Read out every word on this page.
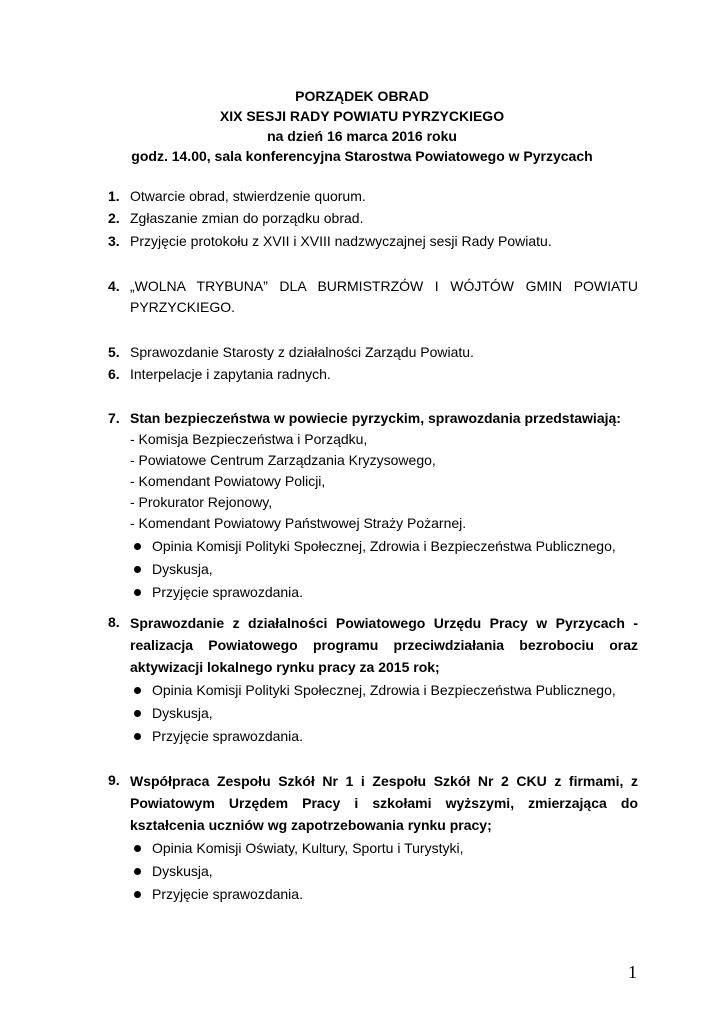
PORZĄDEK OBRAD
XIX SESJI RADY POWIATU PYRZYCKIEGO
na dzień 16 marca 2016 roku
godz. 14.00, sala konferencyjna Starostwa Powiatowego w Pyrzycach
1. Otwarcie obrad, stwierdzenie quorum.
2. Zgłaszanie zmian do porządku obrad.
3. Przyjęcie protokołu z XVII i XVIII nadzwyczajnej sesji Rady Powiatu.
4. „WOLNA TRYBUNA” DLA BURMISTRZÓW I WÓJTÓW GMIN POWIATU PYRZYCKIEGO.
5. Sprawozdanie Starosty z działalności Zarządu Powiatu.
6. Interpelacje i zapytania radnych.
7. Stan bezpieczeństwa w powiecie pyrzyckim, sprawozdania przedstawiają:
- Komisja Bezpieczeństwa i Porządku,
- Powiatowe Centrum Zarządzania Kryzysowego,
- Komendant Powiatowy Policji,
- Prokurator Rejonowy,
- Komendant Powiatowy Państwowej Straży Pożarnej.
Opinia Komisji Polityki Społecznej, Zdrowia i Bezpieczeństwa Publicznego,
Dyskusja,
Przyjęcie sprawozdania.
8. Sprawozdanie z działalności Powiatowego Urzędu Pracy w Pyrzycach - realizacja Powiatowego programu przeciwdziałania bezrobociu oraz aktywizacji lokalnego rynku pracy za 2015 rok;
Opinia Komisji Polityki Społecznej, Zdrowia i Bezpieczeństwa Publicznego,
Dyskusja,
Przyjęcie sprawozdania.
9. Współpraca Zespołu Szkół Nr 1 i Zespołu Szkół Nr 2 CKU z firmami, z Powiatowym Urzędem Pracy i szkołami wyższymi, zmierzająca do kształcenia uczniów wg zapotrzebowania rynku pracy;
Opinia Komisji Oświaty, Kultury, Sportu i Turystyki,
Dyskusja,
Przyjęcie sprawozdania.
1
